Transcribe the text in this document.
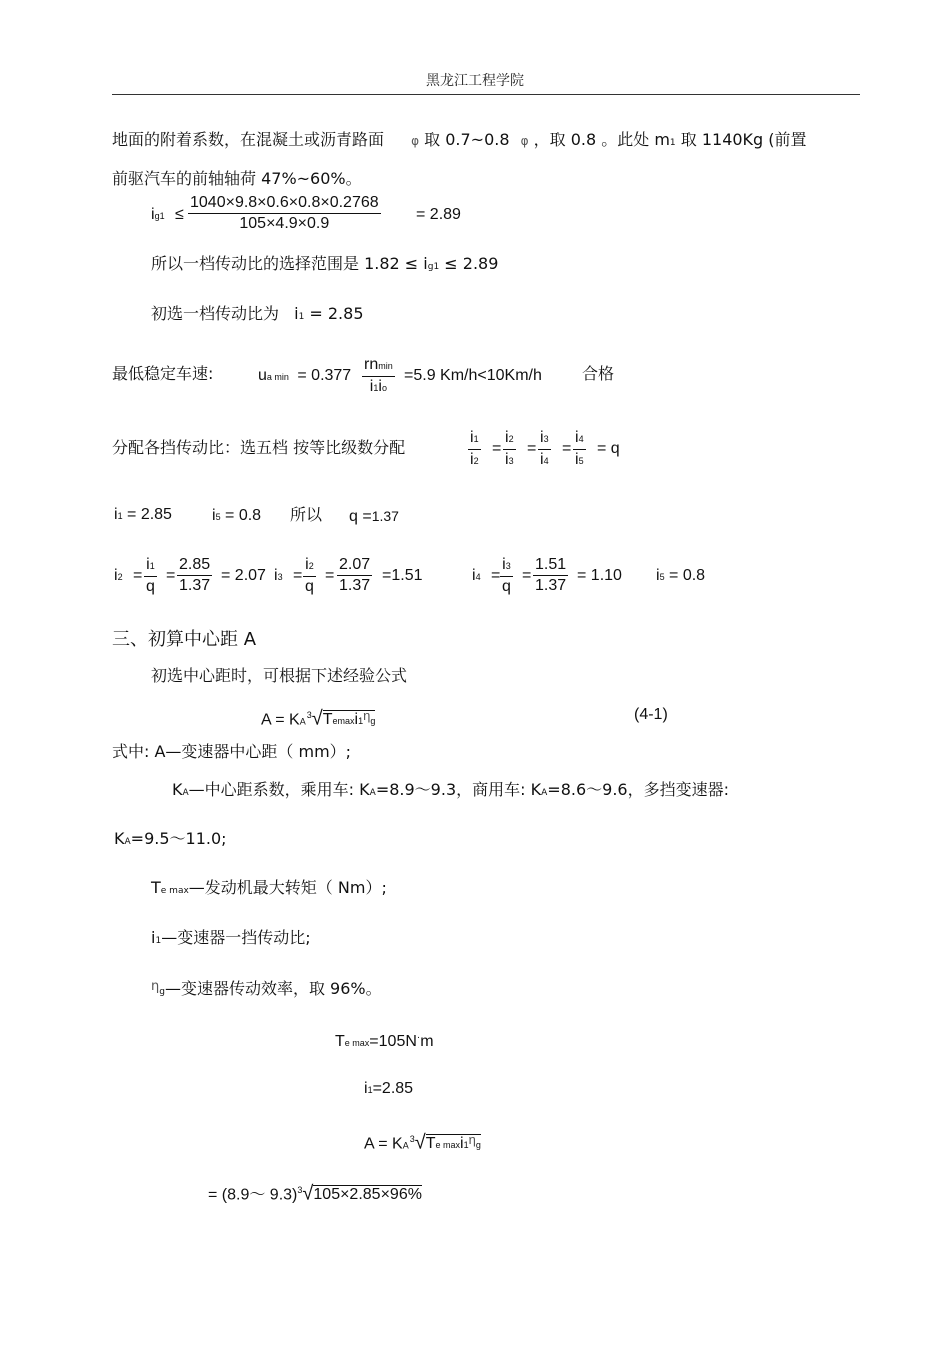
黑龙江工程学院
地面的附着系数，在混凝土或沥青路面 φ 取 0.7~0.8 φ ，取 0.8 。此处 m1 取 1140Kg (前置
前驱汽车的前轴轴荷 47%~60%。
$ig1 \le \frac{1040\times 9.8\times 0.6\times 0.8\times 0.2768}{105\times 4.9\times 0.9} = 2.89$
所以一档传动比的选择范围是 1.82 ≤ ig1 ≤ 2.89
初选一档传动比为 i1 = 2.85
最低稳定车速:	ua min = 0.377
rnmin
i1io
=5.9 Km/h<10Km/h	合格
分配各挡传动比：选五档 按等比级数分配	$\frac{i1}{i2} = \frac{i2}{i3} = \frac{i3}{i4} = \frac{i4}{i5} = q$
i1 = 2.85	i5 = 0.8 所以 q =1.37
$i2 = \frac{i1}{q} = \frac{2.85}{1.37} = 2.07$ $i3 = \frac{i2}{q} = \frac{2.07}{1.37} =1.51$	$i4 = \frac{i3}{q} = \frac{1.51}{1.37} = 1.10$ i5 = 0.8
三、初算中心距 A
初选中心距时，可根据下述经验公式
$A = KA^3√Temaxi1^\eta g$	(4-1)
式中: A—变速器中心距（ mm）;
KA—中心距系数，乘用车: KA=8.9～9.3，商用车: KA=8.6～9.6，多挡变速器:
KA=9.5～11.0;
Te max—发动机最大转矩（ Nm）;
i1—变速器一挡传动比;
$^\eta$g—变速器传动效率，取 96%。
Te max=105N·m
i1=2.85
$A = KA^3√Te$ $\max i1^\eta g$
= (8.9～ 9.3)$^3$√105×2.85×96%
